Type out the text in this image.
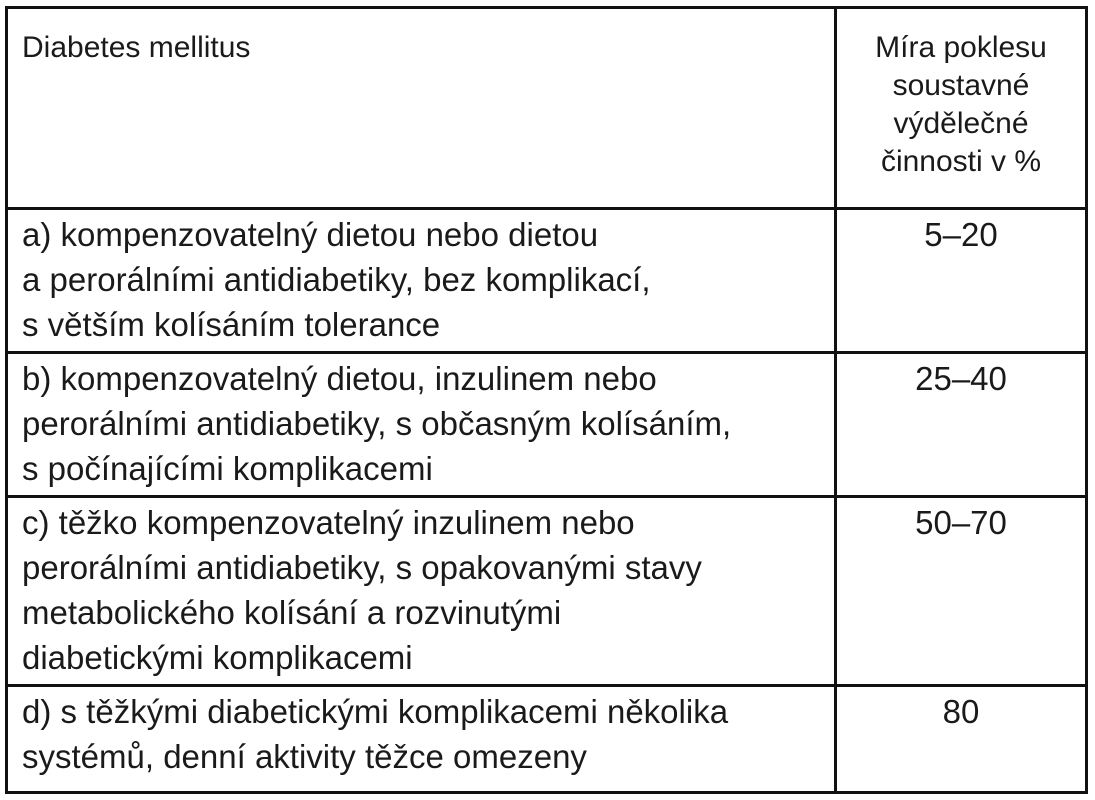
Diabetes mellitus	Míra poklesu
soustavné
výdělečné
činnosti v %

a) kompenzovatelný dietou nebo dietou
a perorálními antidiabetiky, bez komplikací,
s větším kolísáním tolerance	5–20

b) kompenzovatelný dietou, inzulinem nebo
perorálními antidiabetiky, s občasným kolísáním,
s počínajícími komplikacemi	25–40

c) těžko kompenzovatelný inzulinem nebo
perorálními antidiabetiky, s opakovanými stavy
metabolického kolísání a rozvinutými
diabetickými komplikacemi	50–70

d) s těžkými diabetickými komplikacemi několika
systémů, denní aktivity těžce omezeny	80
